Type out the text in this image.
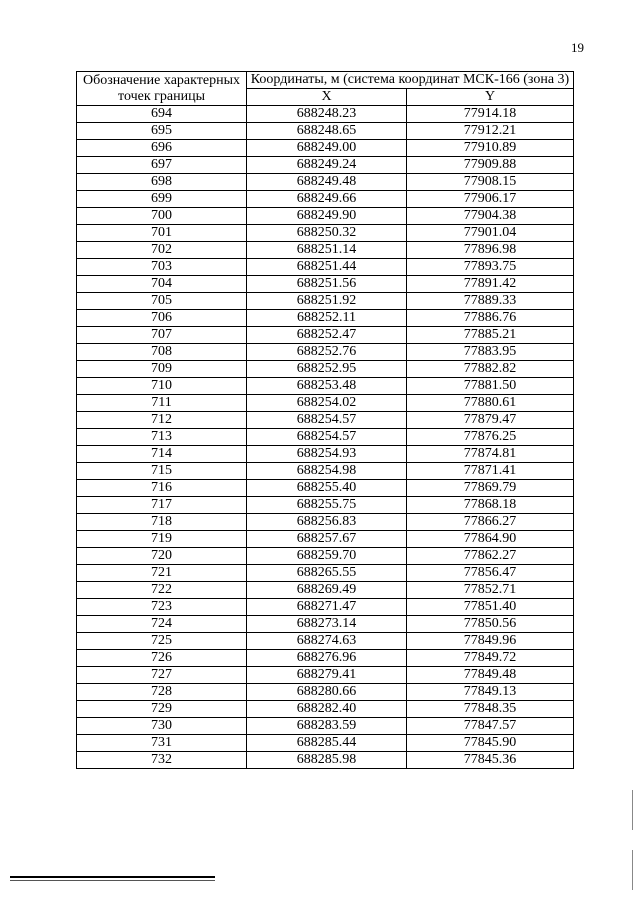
19
Обозначение характерных точек границы	Координаты, м (система координат МСК-166 (зона 3)	
	X	Y
694	688248.23	77914.18
695	688248.65	77912.21
696	688249.00	77910.89
697	688249.24	77909.88
698	688249.48	77908.15
699	688249.66	77906.17
700	688249.90	77904.38
701	688250.32	77901.04
702	688251.14	77896.98
703	688251.44	77893.75
704	688251.56	77891.42
705	688251.92	77889.33
706	688252.11	77886.76
707	688252.47	77885.21
708	688252.76	77883.95
709	688252.95	77882.82
710	688253.48	77881.50
711	688254.02	77880.61
712	688254.57	77879.47
713	688254.57	77876.25
714	688254.93	77874.81
715	688254.98	77871.41
716	688255.40	77869.79
717	688255.75	77868.18
718	688256.83	77866.27
719	688257.67	77864.90
720	688259.70	77862.27
721	688265.55	77856.47
722	688269.49	77852.71
723	688271.47	77851.40
724	688273.14	77850.56
725	688274.63	77849.96
726	688276.96	77849.72
727	688279.41	77849.48
728	688280.66	77849.13
729	688282.40	77848.35
730	688283.59	77847.57
731	688285.44	77845.90
732	688285.98	77845.36
